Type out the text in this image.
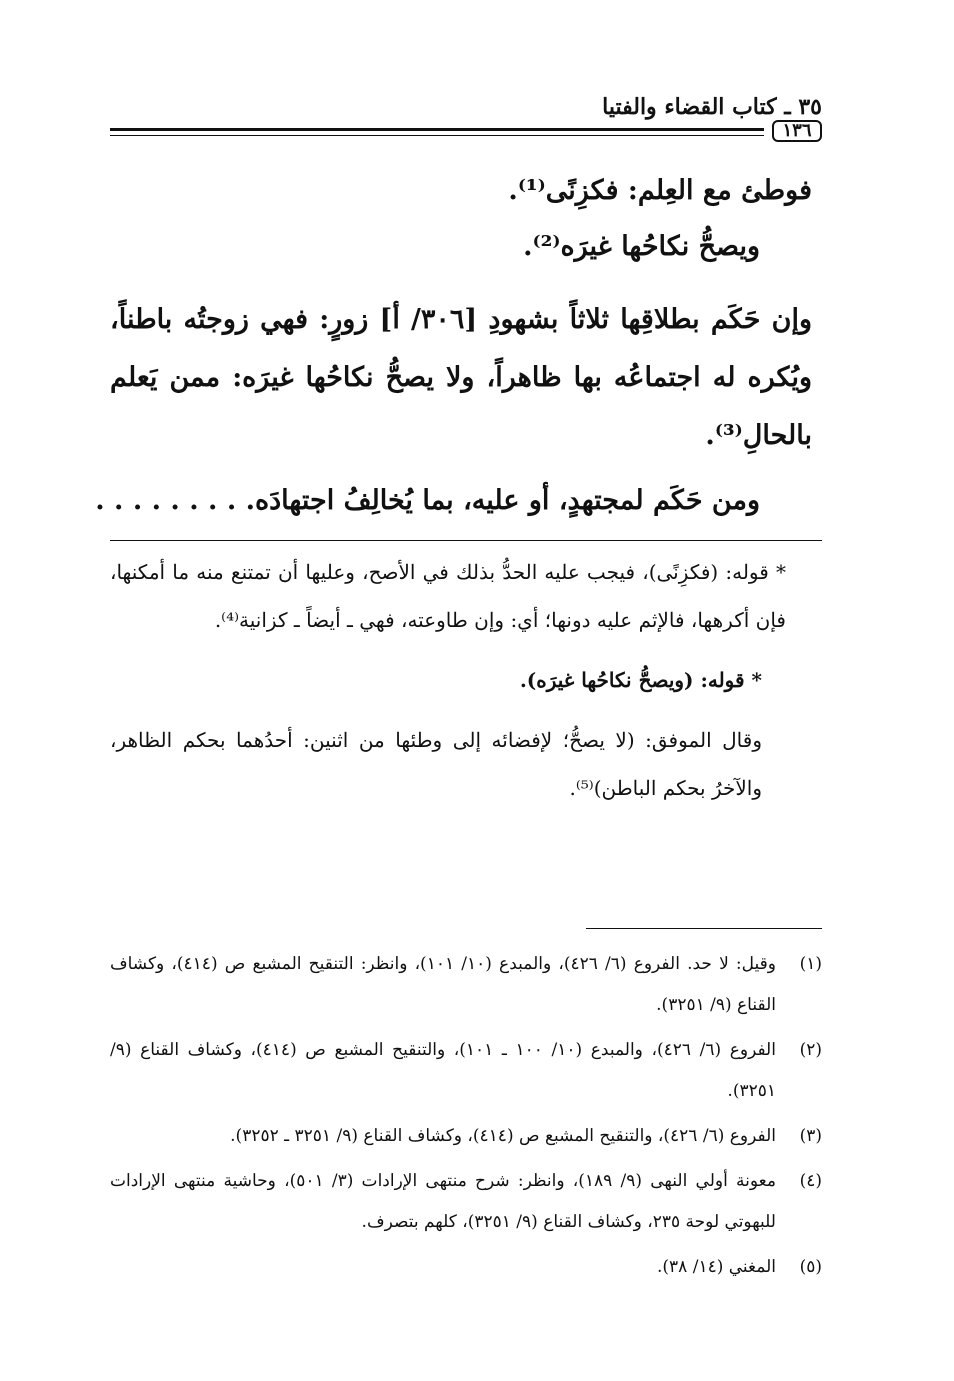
٣٥ ـ كتاب القضاء والفتيا
١٣٦

فوطئ مع العِلم: فكزِنًى⁽¹⁾.

ويصحُّ نكاحُها غيرَه⁽²⁾.

وإن حَكَم بطلاقِها ثلاثاً بشهودِ [٣٠٦/ أ] زورٍ: فهي زوجتُه باطناً، ويُكره له اجتماعُه بها ظاهراً، ولا يصحُّ نكاحُها غيرَه: ممن يَعلم بالحالِ⁽³⁾.

ومن حَكَم لمجتهدٍ، أو عليه، بما يُخالِفُ اجتهادَه. . . . . . . . .

* قوله: (فكزِنًى)، فيجب عليه الحدُّ بذلك في الأصح، وعليها أن تمتنع منه ما أمكنها، فإن أكرهها، فالإثم عليه دونها؛ أي: وإن طاوعته، فهي ـ أيضاً ـ كزانية⁽⁴⁾.

* قوله: (ويصحُّ نكاحُها غيرَه).

وقال الموفق: (لا يصحُّ؛ لإفضائه إلى وطئها من اثنين: أحدُهما بحكم الظاهر، والآخرُ بحكم الباطن)⁽⁵⁾.

(١)
وقيل: لا حد. الفروع (٦/ ٤٢٦)، والمبدع (١٠/ ١٠١)، وانظر: التنقيح المشبع ص (٤١٤)، وكشاف القناع (٩/ ٣٢٥١).

(٢)
الفروع (٦/ ٤٢٦)، والمبدع (١٠/ ١٠٠ ـ ١٠١)، والتنقيح المشبع ص (٤١٤)، وكشاف القناع (٩/ ٣٢٥١).

(٣)
الفروع (٦/ ٤٢٦)، والتنقيح المشبع ص (٤١٤)، وكشاف القناع (٩/ ٣٢٥١ ـ ٣٢٥٢).

(٤)
معونة أولي النهى (٩/ ١٨٩)، وانظر: شرح منتهى الإرادات (٣/ ٥٠١)، وحاشية منتهى الإرادات للبهوتي لوحة ٢٣٥، وكشاف القناع (٩/ ٣٢٥١)، كلهم بتصرف.

(٥)
المغني (١٤/ ٣٨).
